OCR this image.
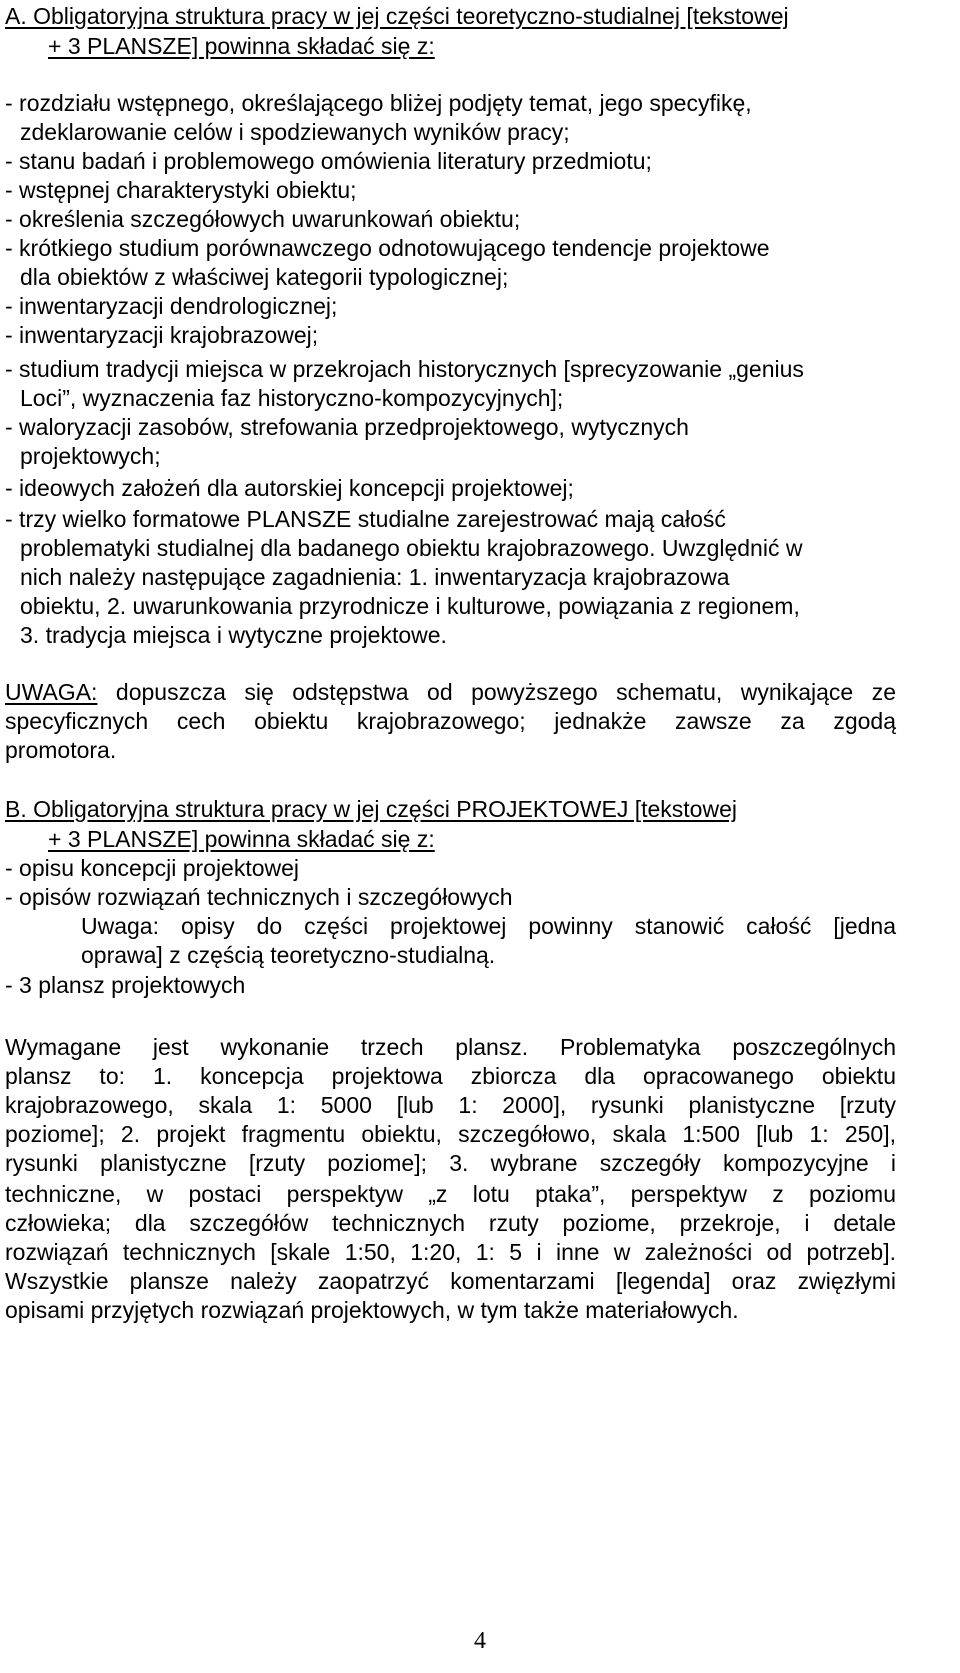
A. Obligatoryjna struktura pracy w jej części teoretyczno-studialnej [tekstowej
+ 3 PLANSZE] powinna składać się z:
- rozdziału wstępnego, określającego bliżej podjęty temat, jego specyfikę,
zdeklarowanie celów i spodziewanych wyników pracy;
- stanu badań i problemowego omówienia literatury przedmiotu;
- wstępnej charakterystyki obiektu;
- określenia szczegółowych uwarunkowań obiektu;
- krótkiego studium porównawczego odnotowującego tendencje projektowe
dla obiektów z właściwej kategorii typologicznej;
- inwentaryzacji dendrologicznej;
- inwentaryzacji krajobrazowej;
- studium tradycji miejsca w przekrojach historycznych [sprecyzowanie „genius
Loci”, wyznaczenia faz historyczno-kompozycyjnych];
- waloryzacji zasobów, strefowania przedprojektowego, wytycznych
projektowych;
- ideowych założeń dla autorskiej koncepcji projektowej;
- trzy wielko formatowe PLANSZE studialne zarejestrować mają całość
problematyki studialnej dla badanego obiektu krajobrazowego. Uwzględnić w
nich należy następujące zagadnienia: 1. inwentaryzacja krajobrazowa
obiektu, 2. uwarunkowania przyrodnicze i kulturowe, powiązania z regionem,
3. tradycja miejsca i wytyczne projektowe.
UWAGA: dopuszcza się odstępstwa od powyższego schematu, wynikające ze
specyficznych cech obiektu krajobrazowego; jednakże zawsze za zgodą
promotora.
B. Obligatoryjna struktura pracy w jej części PROJEKTOWEJ [tekstowej
+ 3 PLANSZE] powinna składać się z:
- opisu koncepcji projektowej
- opisów rozwiązań technicznych i szczegółowych
Uwaga: opisy do części projektowej powinny stanowić całość [jedna
oprawa] z częścią teoretyczno-studialną.
- 3 plansz projektowych
Wymagane jest wykonanie trzech plansz. Problematyka poszczególnych
plansz to: 1. koncepcja projektowa zbiorcza dla opracowanego obiektu
krajobrazowego, skala 1: 5000 [lub 1: 2000], rysunki planistyczne [rzuty
poziome]; 2. projekt fragmentu obiektu, szczegółowo, skala 1:500 [lub 1: 250],
rysunki planistyczne [rzuty poziome]; 3. wybrane szczegóły kompozycyjne i
techniczne, w postaci perspektyw „z lotu ptaka”, perspektyw z poziomu
człowieka; dla szczegółów technicznych rzuty poziome, przekroje, i detale
rozwiązań technicznych [skale 1:50, 1:20, 1: 5 i inne w zależności od potrzeb].
Wszystkie plansze należy zaopatrzyć komentarzami [legenda] oraz zwięzłymi
opisami przyjętych rozwiązań projektowych, w tym także materiałowych.
4
